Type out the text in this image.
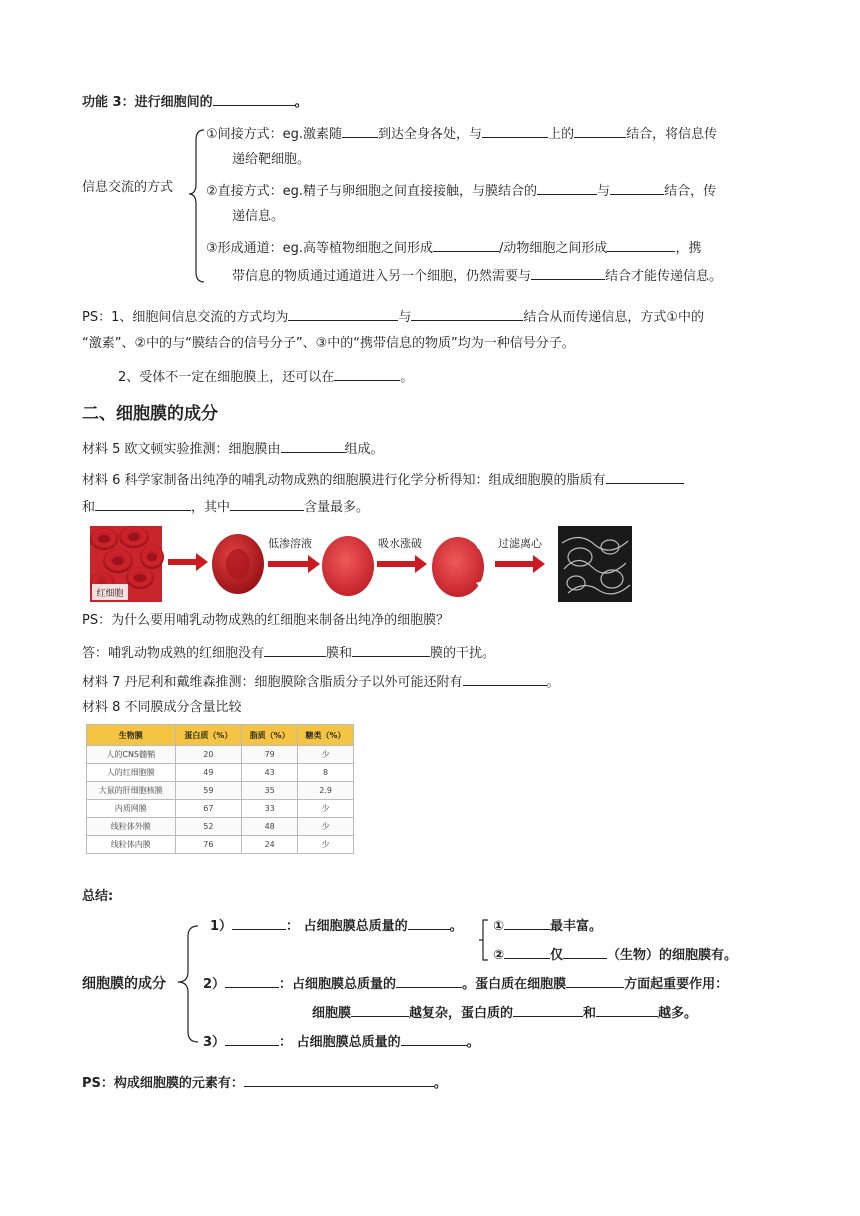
功能 3：进行细胞间的	。
信息交流的方式
①间接方式：eg.激素随	到达全身各处，与	上的	结合，将信息传
递给靶细胞。
②直接方式：eg.精子与卵细胞之间直接接触，与膜结合的	与	结合，传
递信息。
③形成通道：eg.高等植物细胞之间形成	/动物细胞之间形成	，携
带信息的物质通过通道进入另一个细胞，仍然需要与	结合才能传递信息。
PS：1、细胞间信息交流的方式均为	与	结合从而传递信息，方式①中的
“激素”、②中的与“膜结合的信号分子”、③中的“携带信息的物质”均为一种信号分子。
2、受体不一定在细胞膜上，还可以在	。
二、细胞膜的成分
材料 5 欧文顿实验推测：细胞膜由	组成。
材料 6 科学家制备出纯净的哺乳动物成熟的细胞膜进行化学分析得知：组成细胞膜的脂质有
和	，其中	含量最多。
红细胞
低渗溶液	吸水涨破	过滤离心
PS：为什么要用哺乳动物成熟的红细胞来制备出纯净的细胞膜？
答：哺乳动物成熟的红细胞没有	膜和	膜的干扰。
材料 7 丹尼利和戴维森推测：细胞膜除含脂质分子以外可能还附有	。
材料 8 不同膜成分含量比较
生物膜	蛋白质（%）	脂质（%）	糖类（%）
人的CNS髓鞘	20	79	少
人的红细胞膜	49	43	8
大鼠的肝细胞核膜	59	35	2.9
内质网膜	67	33	少
线粒体外膜	52	48	少
线粒体内膜	76	24	少
总结:
细胞膜的成分
1）	： 占细胞膜总质量的	。 ①	最丰富。
②	仅	（生物）的细胞膜有。
2）	：占细胞膜总质量的	。蛋白质在细胞膜	方面起重要作用：
细胞膜	越复杂，蛋白质的	和	越多。
3）	： 占细胞膜总质量的	。
PS：构成细胞膜的元素有：	。
